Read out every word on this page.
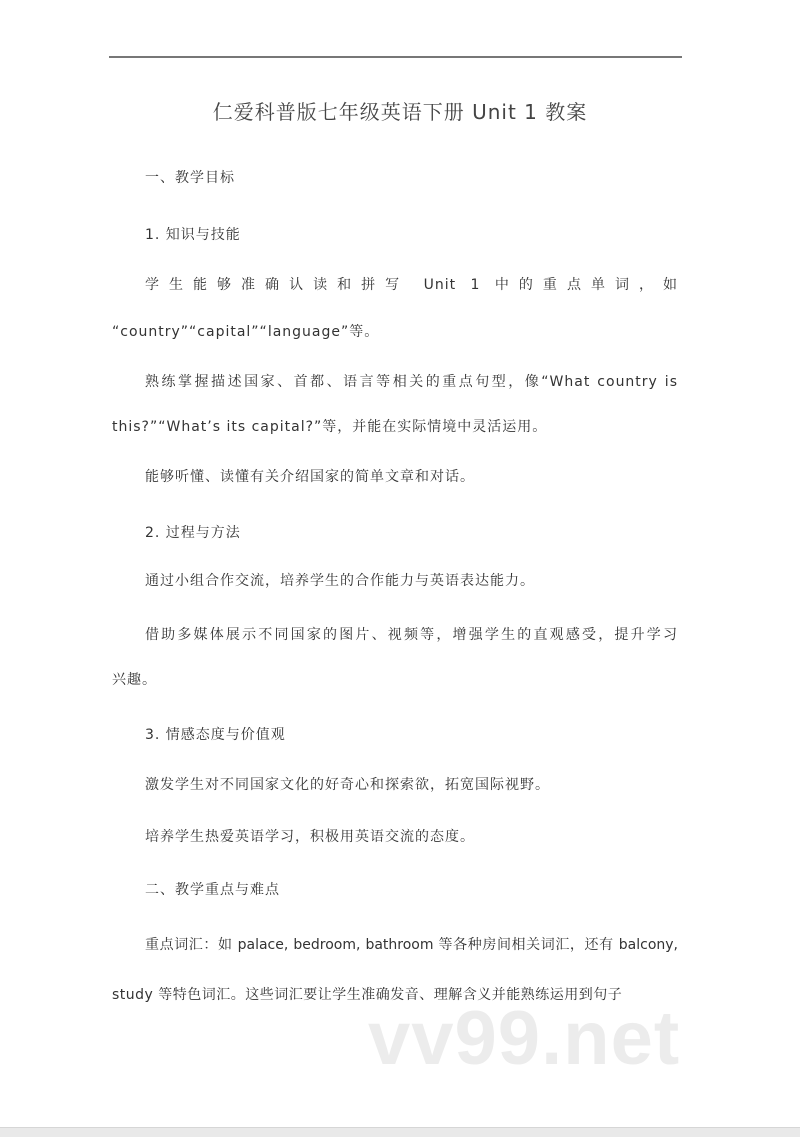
仁爱科普版七年级英语下册 Unit 1 教案
一、教学目标
1. 知识与技能
学生能够准确认读和拼写 Unit 1 中的重点单词，如
“country”“capital”“language”等。
熟练掌握描述国家、首都、语言等相关的重点句型，像“What country is
this?”“What’s its capital?”等，并能在实际情境中灵活运用。
能够听懂、读懂有关介绍国家的简单文章和对话。
2. 过程与方法
通过小组合作交流，培养学生的合作能力与英语表达能力。
借助多媒体展示不同国家的图片、视频等，增强学生的直观感受，提升学习
兴趣。
3. 情感态度与价值观
激发学生对不同国家文化的好奇心和探索欲，拓宽国际视野。
培养学生热爱英语学习，积极用英语交流的态度。
二、教学重点与难点
重点词汇：如 palace, bedroom, bathroom 等各种房间相关词汇，还有 balcony,
study 等特色词汇。这些词汇要让学生准确发音、理解含义并能熟练运用到句子
vv99.net
